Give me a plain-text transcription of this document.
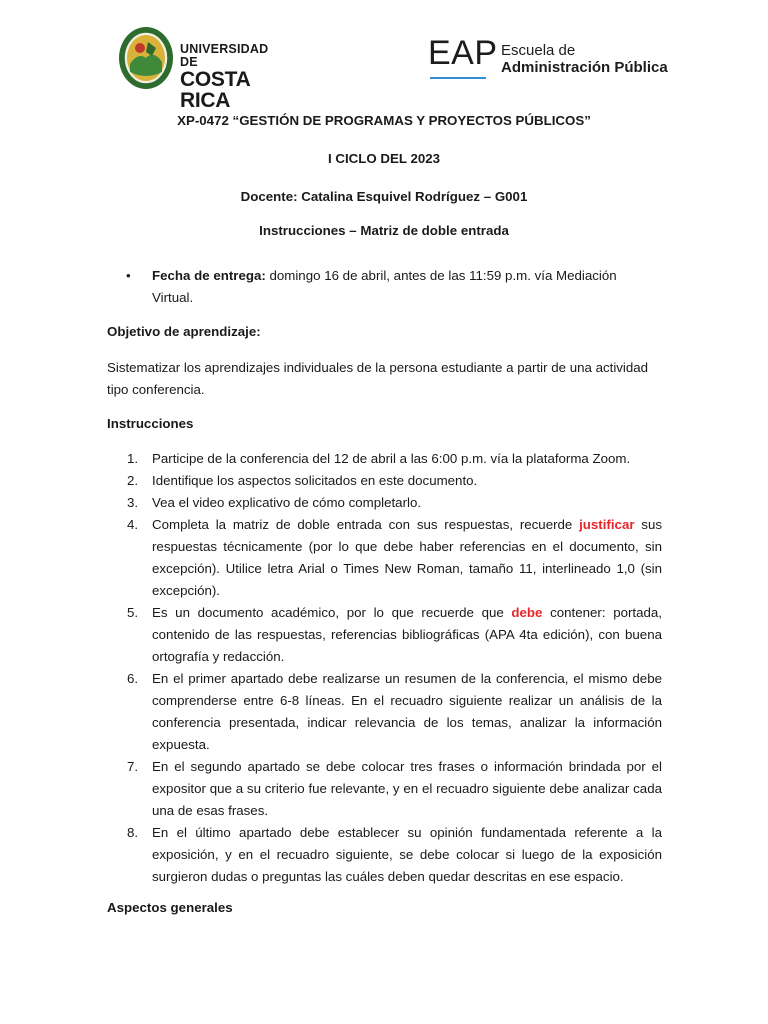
UNIVERSIDAD DE
COSTA RICA
EAP Escuela de
Administración Pública
XP-0472 “GESTIÓN DE PROGRAMAS Y PROYECTOS PÚBLICOS”
I CICLO DEL 2023
Docente: Catalina Esquivel Rodríguez – G001
Instrucciones – Matriz de doble entrada
•	Fecha de entrega: domingo 16 de abril, antes de las 11:59 p.m. vía Mediación Virtual.
Objetivo de aprendizaje:
Sistematizar los aprendizajes individuales de la persona estudiante a partir de una actividad tipo conferencia.
Instrucciones
1. Participe de la conferencia del 12 de abril a las 6:00 p.m. vía la plataforma Zoom.
2. Identifique los aspectos solicitados en este documento.
3. Vea el video explicativo de cómo completarlo.
4. Completa la matriz de doble entrada con sus respuestas, recuerde justificar sus respuestas técnicamente (por lo que debe haber referencias en el documento, sin excepción). Utilice letra Arial o Times New Roman, tamaño 11, interlineado 1,0 (sin excepción).
5. Es un documento académico, por lo que recuerde que debe contener: portada, contenido de las respuestas, referencias bibliográficas (APA 4ta edición), con buena ortografía y redacción.
6. En el primer apartado debe realizarse un resumen de la conferencia, el mismo debe comprenderse entre 6-8 líneas. En el recuadro siguiente realizar un análisis de la conferencia presentada, indicar relevancia de los temas, analizar la información expuesta.
7. En el segundo apartado se debe colocar tres frases o información brindada por el expositor que a su criterio fue relevante, y en el recuadro siguiente debe analizar cada una de esas frases.
8. En el último apartado debe establecer su opinión fundamentada referente a la exposición, y en el recuadro siguiente, se debe colocar si luego de la exposición surgieron dudas o preguntas las cuáles deben quedar descritas en ese espacio.
Aspectos generales
